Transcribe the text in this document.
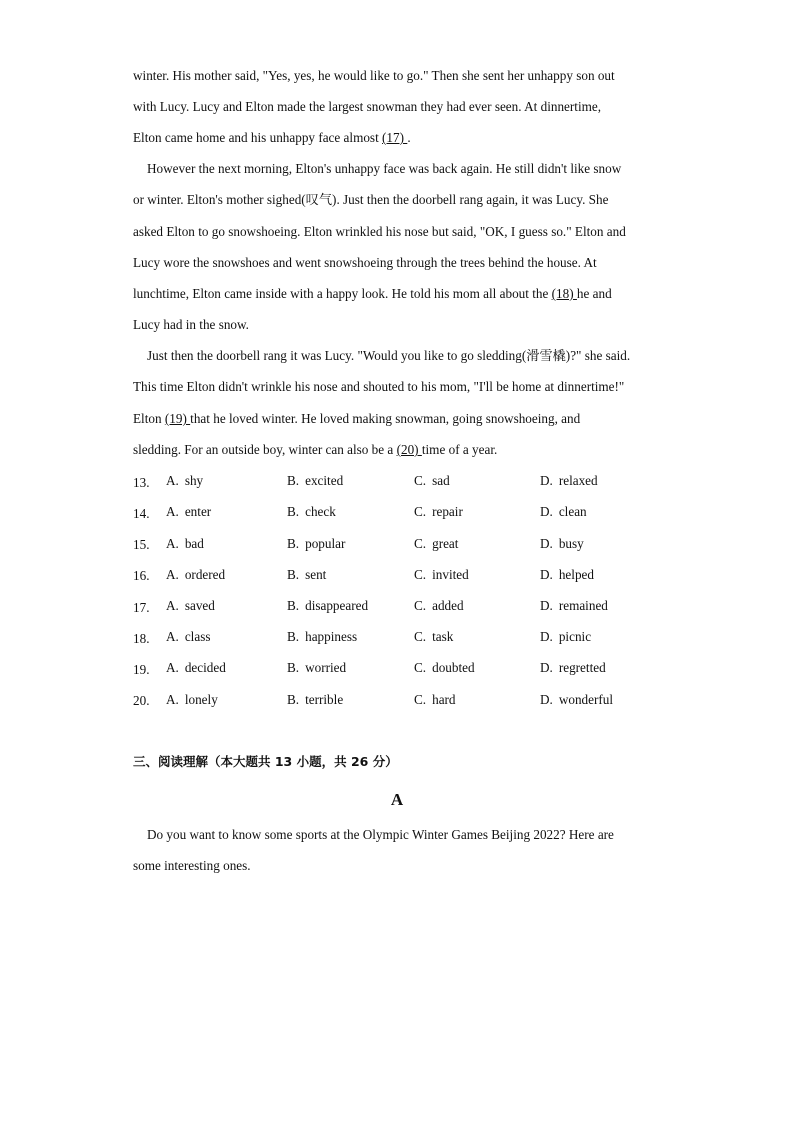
winter. His mother said, "Yes, yes, he would like to go." Then she sent her unhappy son out
with Lucy. Lucy and Elton made the largest snowman they had ever seen. At dinnertime,
Elton came home and his unhappy face almost (17) .
However the next morning, Elton's unhappy face was back again. He still didn't like snow
or winter. Elton's mother sighed(叹气). Just then the doorbell rang again, it was Lucy. She
asked Elton to go snowshoeing. Elton wrinkled his nose but said, "OK, I guess so." Elton and
Lucy wore the snowshoes and went snowshoeing through the trees behind the house. At
lunchtime, Elton came inside with a happy look. He told his mom all about the (18) he and
Lucy had in the snow.
Just then the doorbell rang it was Lucy. "Would you like to go sledding(滑雪橇)?" she said.
This time Elton didn't wrinkle his nose and shouted to his mom, "I'll be home at dinnertime!"
Elton (19) that he loved winter. He loved making snowman, going snowshoeing, and
sledding. For an outside boy, winter can also be a (20) time of a year.
13. A. shy	B. excited	C. sad	D. relaxed
14. A. enter	B. check	C. repair	D. clean
15. A. bad	B. popular	C. great	D. busy
16. A. ordered	B. sent	C. invited	D. helped
17. A. saved	B. disappeared	C. added	D. remained
18. A. class	B. happiness	C. task	D. picnic
19. A. decided	B. worried	C. doubted	D. regretted
20. A. lonely	B. terrible	C. hard	D. wonderful
三、阅读理解（本大题共 13 小题，共 26 分）
A
Do you want to know some sports at the Olympic Winter Games Beijing 2022? Here are
some interesting ones.
